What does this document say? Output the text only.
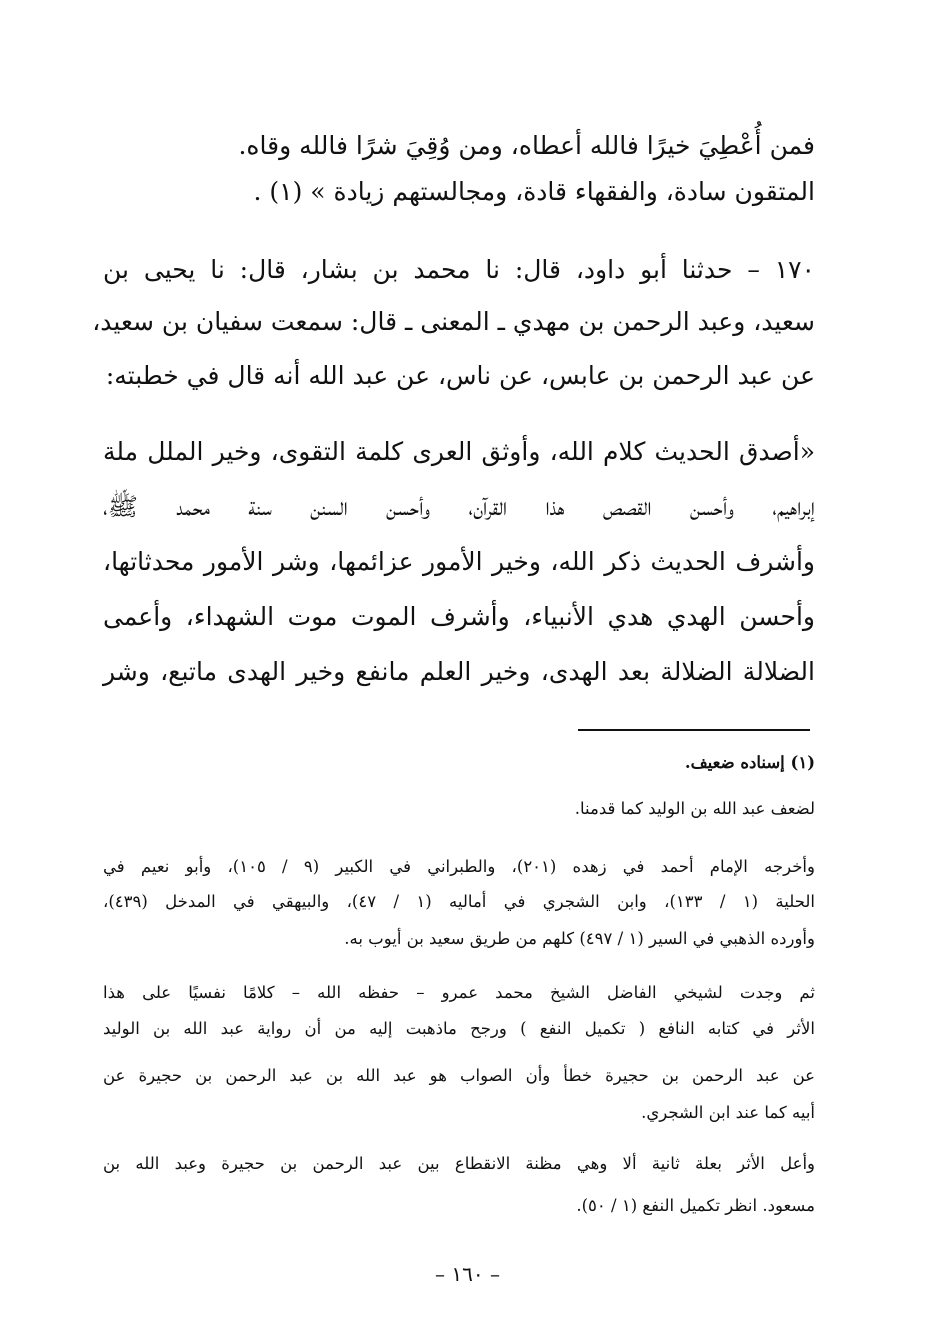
فمن أُعْطِيَ خيرًا فالله أعطاه، ومن وُقِيَ شرًا فالله وقاه.
المتقون سادة، والفقهاء قادة، ومجالستهم زيادة » (١) .
١٧٠ – حدثنا أبو داود، قال: نا محمد بن بشار، قال: نا يحيى بن
سعيد، وعبد الرحمن بن مهدي ـ المعنى ـ قال: سمعت سفيان بن سعيد،
عن عبد الرحمن بن عابس، عن ناس، عن عبد الله أنه قال في خطبته:
«أصدق الحديث كلام الله، وأوثق العرى كلمة التقوى، وخير الملل ملة
إبراهيم، وأحسن القصص هذا القرآن، وأحسن السنن سنة محمد ﷺ،
وأشرف الحديث ذكر الله، وخير الأمور عزائمها، وشر الأمور محدثاتها،
وأحسن الهدي هدي الأنبياء، وأشرف الموت موت الشهداء، وأعمى
الضلالة الضلالة بعد الهدى، وخير العلم مانفع وخير الهدى ماتبع، وشر
(١) إسناده ضعيف.
لضعف عبد الله بن الوليد كما قدمنا.
وأخرجه الإمام أحمد في زهده (٢٠١)، والطبراني في الكبير (٩ / ١٠٥)، وأبو نعيم في
الحلية (١ / ١٣٣)، وابن الشجري في أماليه (١ / ٤٧)، والبيهقي في المدخل (٤٣٩)،
وأورده الذهبي في السير (١ / ٤٩٧) كلهم من طريق سعيد بن أيوب به.
ثم وجدت لشيخي الفاضل الشيخ محمد عمرو – حفظه الله – كلامًا نفسيًا على هذا
الأثر في كتابه النافع ( تكميل النفع ) ورجح ماذهبت إليه من أن رواية عبد الله بن الوليد
عن عبد الرحمن بن حجيرة خطأ وأن الصواب هو عبد الله بن عبد الرحمن بن حجيرة عن
أبيه كما عند ابن الشجري.
وأعل الأثر بعلة ثانية ألا وهي مظنة الانقطاع بين عبد الرحمن بن حجيرة وعبد الله بن
مسعود. انظر تكميل النفع (١ / ٥٠).
– ١٦٠ –
